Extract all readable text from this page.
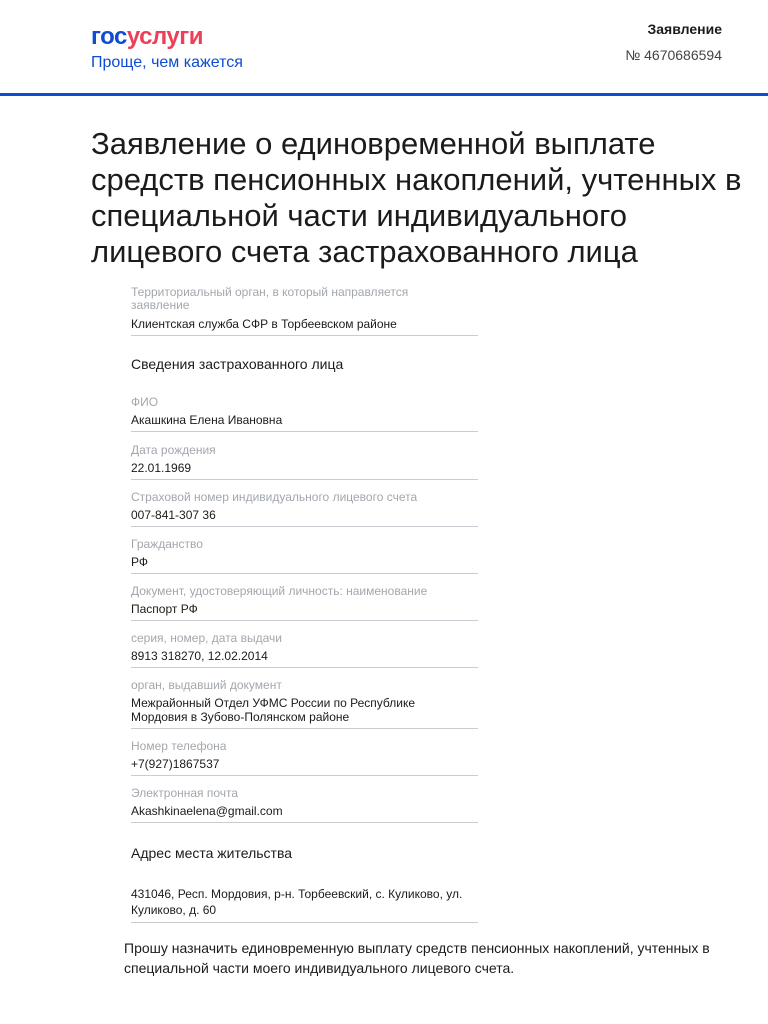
госуслуги
Проще, чем кажется
Заявление
№ 4670686594
Заявление о единовременной выплате средств пенсионных накоплений, учтенных в специальной части индивидуального лицевого счета застрахованного лица
Территориальный орган, в который направляется заявление
Клиентская служба СФР в Торбеевском районе
Сведения застрахованного лица
ФИО
Акашкина Елена Ивановна
Дата рождения
22.01.1969
Страховой номер индивидуального лицевого счета
007-841-307 36
Гражданство
РФ
Документ, удостоверяющий личность: наименование
Паспорт РФ
серия, номер, дата выдачи
8913 318270, 12.02.2014
орган, выдавший документ
Межрайонный Отдел УФМС России по Республике Мордовия в Зубово-Полянском районе
Номер телефона
+7(927)1867537
Электронная почта
Akashkinaelena@gmail.com
Адрес места жительства
431046, Респ. Мордовия, р-н. Торбеевский, с. Куликово, ул. Куликово, д. 60
Прошу назначить единовременную выплату средств пенсионных накоплений, учтенных в специальной части моего индивидуального лицевого счета.
